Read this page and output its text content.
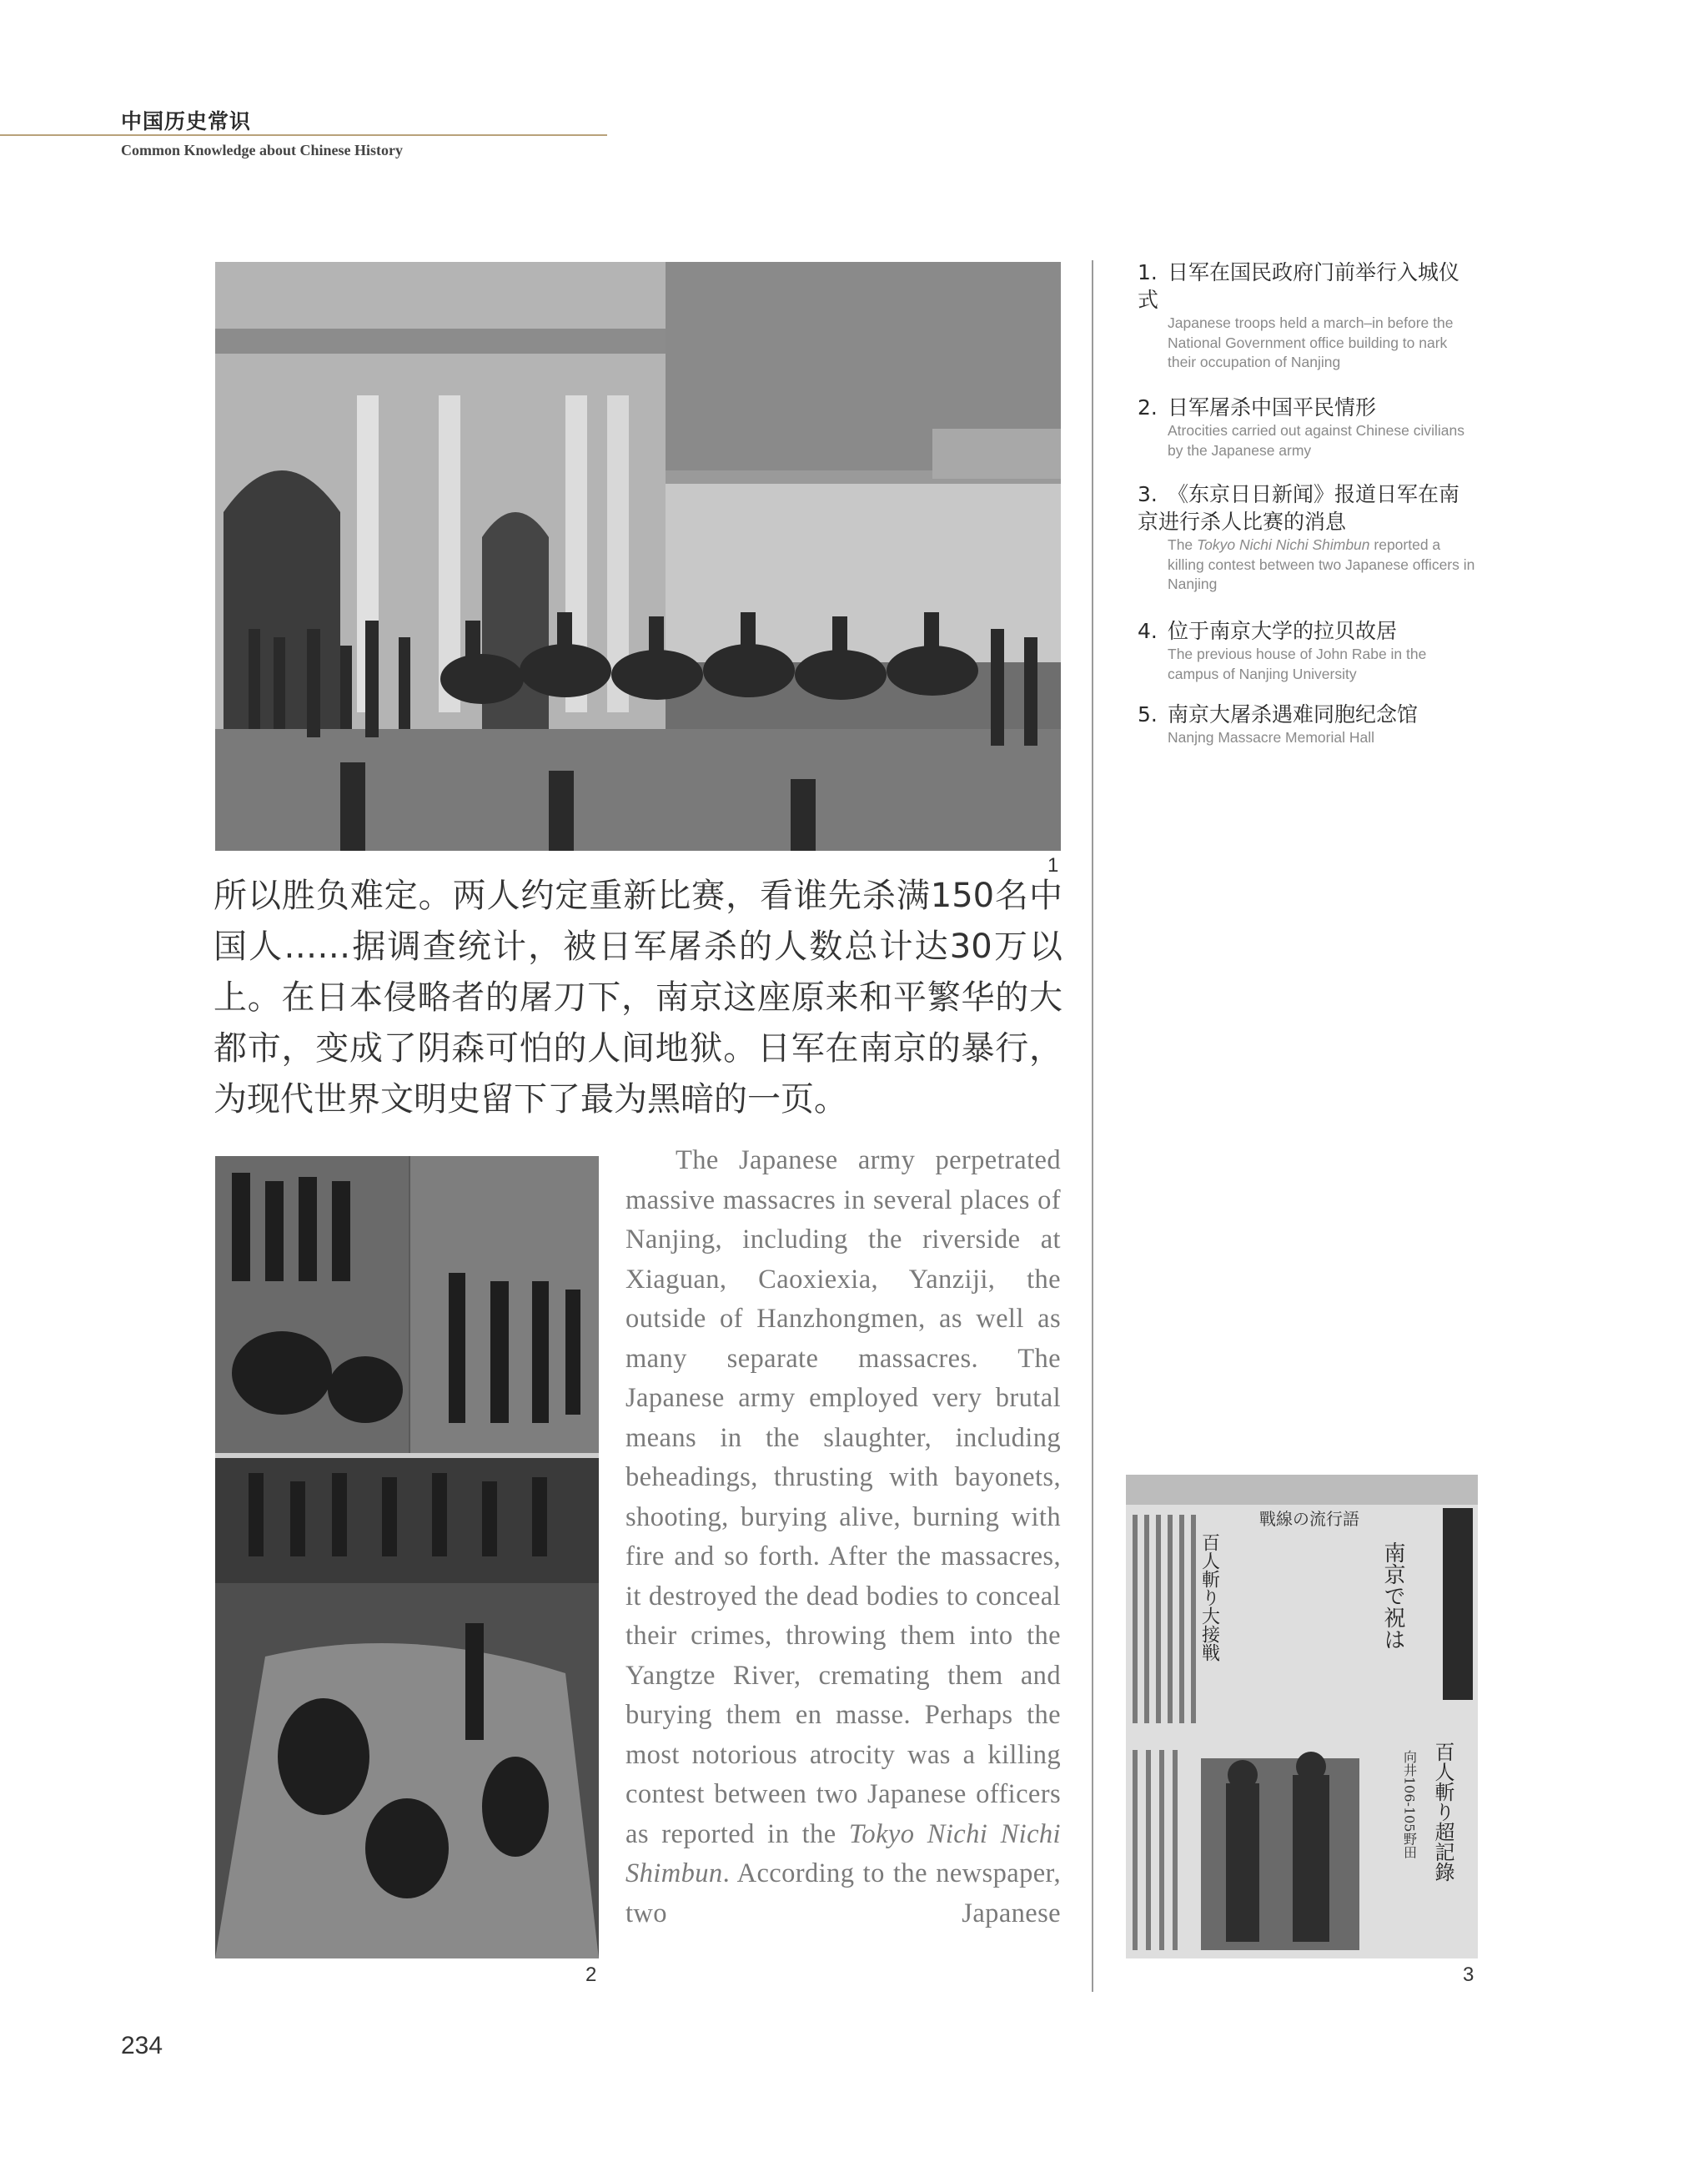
中国历史常识
Common Knowledge about Chinese History
1
所以胜负难定。两人约定重新比赛，看谁先杀满150名中国人……据调查统计，被日军屠杀的人数总计达30万以上。在日本侵略者的屠刀下，南京这座原来和平繁华的大都市，变成了阴森可怕的人间地狱。日军在南京的暴行，为现代世界文明史留下了最为黑暗的一页。
2
The Japanese army perpetrated massive massacres in several places of Nanjing, including the riverside at Xiaguan, Caoxiexia, Yanziji, the outside of Hanzhongmen, as well as many separate massacres. The Japanese army employed very brutal means in the slaughter, including beheadings, thrusting with bayonets, shooting, burying alive, burning with fire and so forth. After the massacres, it destroyed the dead bodies to conceal their crimes, throwing them into the Yangtze River, cremating them and burying them en masse. Perhaps the most notorious atrocity was a killing contest between two Japanese officers as reported in the Tokyo Nichi Nichi Shimbun. According to the newspaper, two Japanese
1. 日军在国民政府门前举行入城仪式
Japanese troops held a march–in before the National Government office building to nark their occupation of Nanjing
2. 日军屠杀中国平民情形
Atrocities carried out against Chinese civilians by the Japanese army
3. 《东京日日新闻》报道日军在南京进行杀人比赛的消息
The Tokyo Nichi Nichi Shimbun reported a killing contest between two Japanese officers in Nanjing
4. 位于南京大学的拉贝故居
The previous house of John Rabe in the campus of Nanjing University
5. 南京大屠杀遇难同胞纪念馆
Nanjng Massacre Memorial Hall
百人斬り大接戦
戰線の流行語
南京で祝は
百人斬り超記錄
向井106-105野田
3
234
